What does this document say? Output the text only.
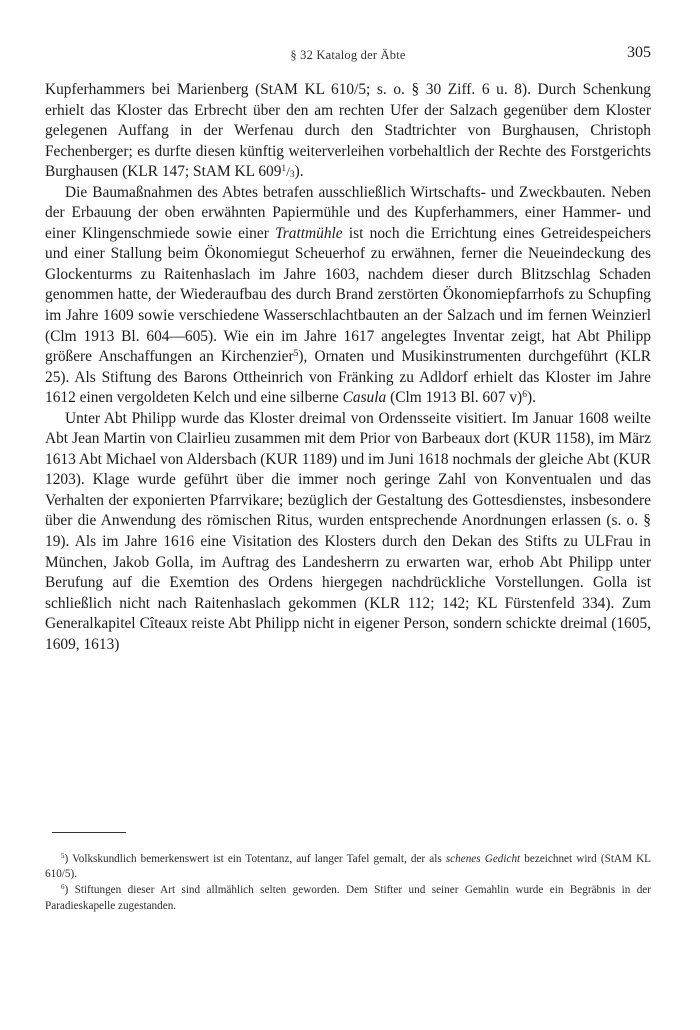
§ 32 Katalog der Äbte	305

Kupferhammers bei Marienberg (StAM KL 610/5; s. o. § 30 Ziff. 6 u. 8). Durch Schenkung erhielt das Kloster das Erbrecht über den am rechten Ufer der Salzach gegenüber dem Kloster gelegenen Auffang in der Werfenau durch den Stadtrichter von Burghausen, Christoph Fechenberger; es durfte diesen künftig weiterverleihen vorbehaltlich der Rechte des Forstgerichts Burghausen (KLR 147; StAM KL $609^1/_3$).

Die Baumaßnahmen des Abtes betrafen ausschließlich Wirtschafts- und Zweckbauten. Neben der Erbauung der oben erwähnten Papiermühle und des Kupferhammers, einer Hammer- und einer Klingenschmiede sowie einer Trattmühle ist noch die Errichtung eines Getreidespeichers und einer Stallung beim Ökonomiegut Scheuerhof zu erwähnen, ferner die Neueindeckung des Glockenturms zu Raitenhaslach im Jahre 1603, nachdem dieser durch Blitzschlag Schaden genommen hatte, der Wiederaufbau des durch Brand zerstörten Ökonomiepfarrhofs zu Schupfing im Jahre 1609 sowie verschiedene Wasserschlachtbauten an der Salzach und im fernen Weinzierl (Clm 1913 Bl. 604—605). Wie ein im Jahre 1617 angelegtes Inventar zeigt, hat Abt Philipp größere Anschaffungen an Kirchenzier$^5$), Ornaten und Musikinstrumenten durchgeführt (KLR 25). Als Stiftung des Barons Ottheinrich von Fränking zu Adldorf erhielt das Kloster im Jahre 1612 einen vergoldeten Kelch und eine silberne Casula (Clm 1913 Bl. 607 v)$^6$).

Unter Abt Philipp wurde das Kloster dreimal von Ordensseite visitiert. Im Januar 1608 weilte Abt Jean Martin von Clairlieu zusammen mit dem Prior von Barbeaux dort (KUR 1158), im März 1613 Abt Michael von Aldersbach (KUR 1189) und im Juni 1618 nochmals der gleiche Abt (KUR 1203). Klage wurde geführt über die immer noch geringe Zahl von Konventualen und das Verhalten der exponierten Pfarrvikare; bezüglich der Gestaltung des Gottesdienstes, insbesondere über die Anwendung des römischen Ritus, wurden entsprechende Anordnungen erlassen (s. o. § 19). Als im Jahre 1616 eine Visitation des Klosters durch den Dekan des Stifts zu ULFrau in München, Jakob Golla, im Auftrag des Landesherrn zu erwarten war, erhob Abt Philipp unter Berufung auf die Exemtion des Ordens hiergegen nachdrückliche Vorstellungen. Golla ist schließlich nicht nach Raitenhaslach gekommen (KLR 112; 142; KL Fürstenfeld 334). Zum Generalkapitel Cîteaux reiste Abt Philipp nicht in eigener Person, sondern schickte dreimal (1605, 1609, 1613)

$^5$) Volkskundlich bemerkenswert ist ein Totentanz, auf langer Tafel gemalt, der als schenes Gedicht bezeichnet wird (StAM KL 610/5).

$^6$) Stiftungen dieser Art sind allmählich selten geworden. Dem Stifter und seiner Gemahlin wurde ein Begräbnis in der Paradieskapelle zugestanden.
